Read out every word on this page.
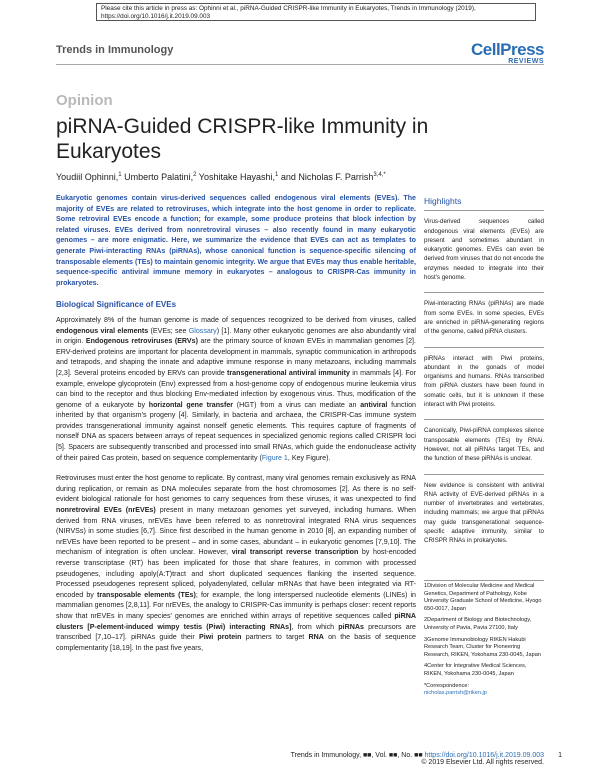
Please cite this article in press as: Ophinni et al., piRNA-Guided CRISPR-like Immunity in Eukaryotes, Trends in Immunology (2019), https://doi.org/10.1016/j.it.2019.09.003
Trends in Immunology	CellPress
REVIEWS
Opinion
piRNA-Guided CRISPR-like Immunity in Eukaryotes
Youdiil Ophinni,$^1$ Umberto Palatini,$^2$ Yoshitake Hayashi,$^1$ and Nicholas F. Parrish$^{3,4,*}$

Eukaryotic genomes contain virus-derived sequences called endogenous viral elements (EVEs). The majority of EVEs are related to retroviruses, which integrate into the host genome in order to replicate. Some retroviral EVEs encode a function; for example, some produce proteins that block infection by related viruses. EVEs derived from nonretroviral viruses – also recently found in many eukaryotic genomes – are more enigmatic. Here, we summarize the evidence that EVEs can act as templates to generate Piwi-interacting RNAs (piRNAs), whose canonical function is sequence-specific silencing of transposable elements (TEs) to maintain genomic integrity. We argue that EVEs may thus enable heritable, sequence-specific antiviral immune memory in eukaryotes – analogous to CRISPR-Cas immunity in prokaryotes.

Biological Significance of EVEs

Approximately 8% of the human genome is made of sequences recognized to be derived from viruses, called endogenous viral elements (EVEs; see Glossary) [1]. Many other eukaryotic genomes are also abundantly viral in origin. Endogenous retroviruses (ERVs) are the primary source of known EVEs in mammalian genomes [2]. ERV-derived proteins are important for placenta development in mammals, synaptic communication in arthropods and tetrapods, and shaping the innate and adaptive immune response in many metazoans, including mammals [2,3]. Several proteins encoded by ERVs can provide transgenerational antiviral immunity in mammals [4]. For example, envelope glycoprotein (Env) expressed from a host-genome copy of endogenous murine leukemia virus can bind to the receptor and thus blocking Env-mediated infection by exogenous virus. Thus, modification of the genome of a eukaryote by horizontal gene transfer (HGT) from a virus can mediate an antiviral function inherited by that organism's progeny [4]. Similarly, in bacteria and archaea, the CRISPR-Cas immune system provides transgenerational immunity against nonself genetic elements. This requires capture of fragments of nonself DNA as spacers between arrays of repeat sequences in specialized genomic regions called CRISPR loci [5]. Spacers are subsequently transcribed and processed into small RNAs, which guide the endonuclease activity of their paired Cas protein, based on sequence complementarity (Figure 1, Key Figure).

Retroviruses must enter the host genome to replicate. By contrast, many viral genomes remain exclusively as RNA during replication, or remain as DNA molecules separate from the host chromosomes [2]. As there is no self-evident biological rationale for host genomes to carry sequences from these viruses, it was unexpected to find nonretroviral EVEs (nrEVEs) present in many metazoan genomes yet surveyed, including humans. When derived from RNA viruses, nrEVEs have been referred to as nonretroviral integrated RNA virus sequences (NIRVSs) in some studies [6,7]. Since first described in the human genome in 2010 [8], an expanding number of nrEVEs have been reported to be present – and in some cases, abundant – in eukaryotic genomes [7,9,10]. The mechanism of integration is often unclear. However, viral transcript reverse transcription by host-encoded reverse transcriptase (RT) has been implicated for those that share features, in common with processed pseudogenes, including apoly(A:T)tract and short duplicated sequences flanking the inserted sequence. Processed pseudogenes represent spliced, polyadenylated, cellular mRNAs that have been integrated via RT-encoded by transposable elements (TEs); for example, the long interspersed nucleotide elements (LINEs) in mammalian genomes [2,8,11]. For nrEVEs, the analogy to CRISPR-Cas immunity is perhaps closer: recent reports show that nrEVEs in many species' genomes are enriched within arrays of repetitive sequences called piRNA clusters [P-element-induced wimpy testis (Piwi) interacting RNAs], from which piRNAs precursors are transcribed [7,10–17]. piRNAs guide their Piwi protein partners to target RNA on the basis of sequence complementarity [18,19]. In the past five years,

Highlights

Virus-derived sequences called endogenous viral elements (EVEs) are present and sometimes abundant in eukaryotic genomes. EVEs can even be derived from viruses that do not encode the enzymes needed to integrate into their host's genome.

Piwi-interacting RNAs (piRNAs) are made from some EVEs. In some species, EVEs are enriched in piRNA-generating regions of the genome, called piRNA clusters.

piRNAs interact with Piwi proteins, abundant in the gonads of model organisms and humans. RNAs transcribed from piRNA clusters have been found in somatic cells, but it is unknown if these interact with Piwi proteins.

Canonically, Piwi-piRNA complexes silence transposable elements (TEs) by RNAi. However, not all piRNAs target TEs, and the function of these piRNAs is unclear.

New evidence is consistent with antiviral RNA activity of EVE-derived piRNAs in a number of invertebrates and vertebrates, including mammals; we argue that piRNAs may guide transgenerational sequence-specific adaptive immunity, similar to CRISPR RNAs in prokaryotes.

1Division of Molecular Medicine and Medical Genetics, Department of Pathology, Kobe University Graduate School of Medicine, Hyogo 650-0017, Japan

2Department of Biology and Biotechnology, University of Pavia, Pavia 27100, Italy

3Genome Immunobiology RIKEN Hakubi Research Team, Cluster for Pioneering Research, RIKEN, Yokohama 230-0045, Japan

4Center for Integrative Medical Sciences, RIKEN, Yokohama 230-0045, Japan

*Correspondence:
nicholas.parrish@riken.jp

Trends in Immunology, ■■, Vol. ■■, No. ■■ https://doi.org/10.1016/j.it.2019.09.003
© 2019 Elsevier Ltd. All rights reserved.
1
